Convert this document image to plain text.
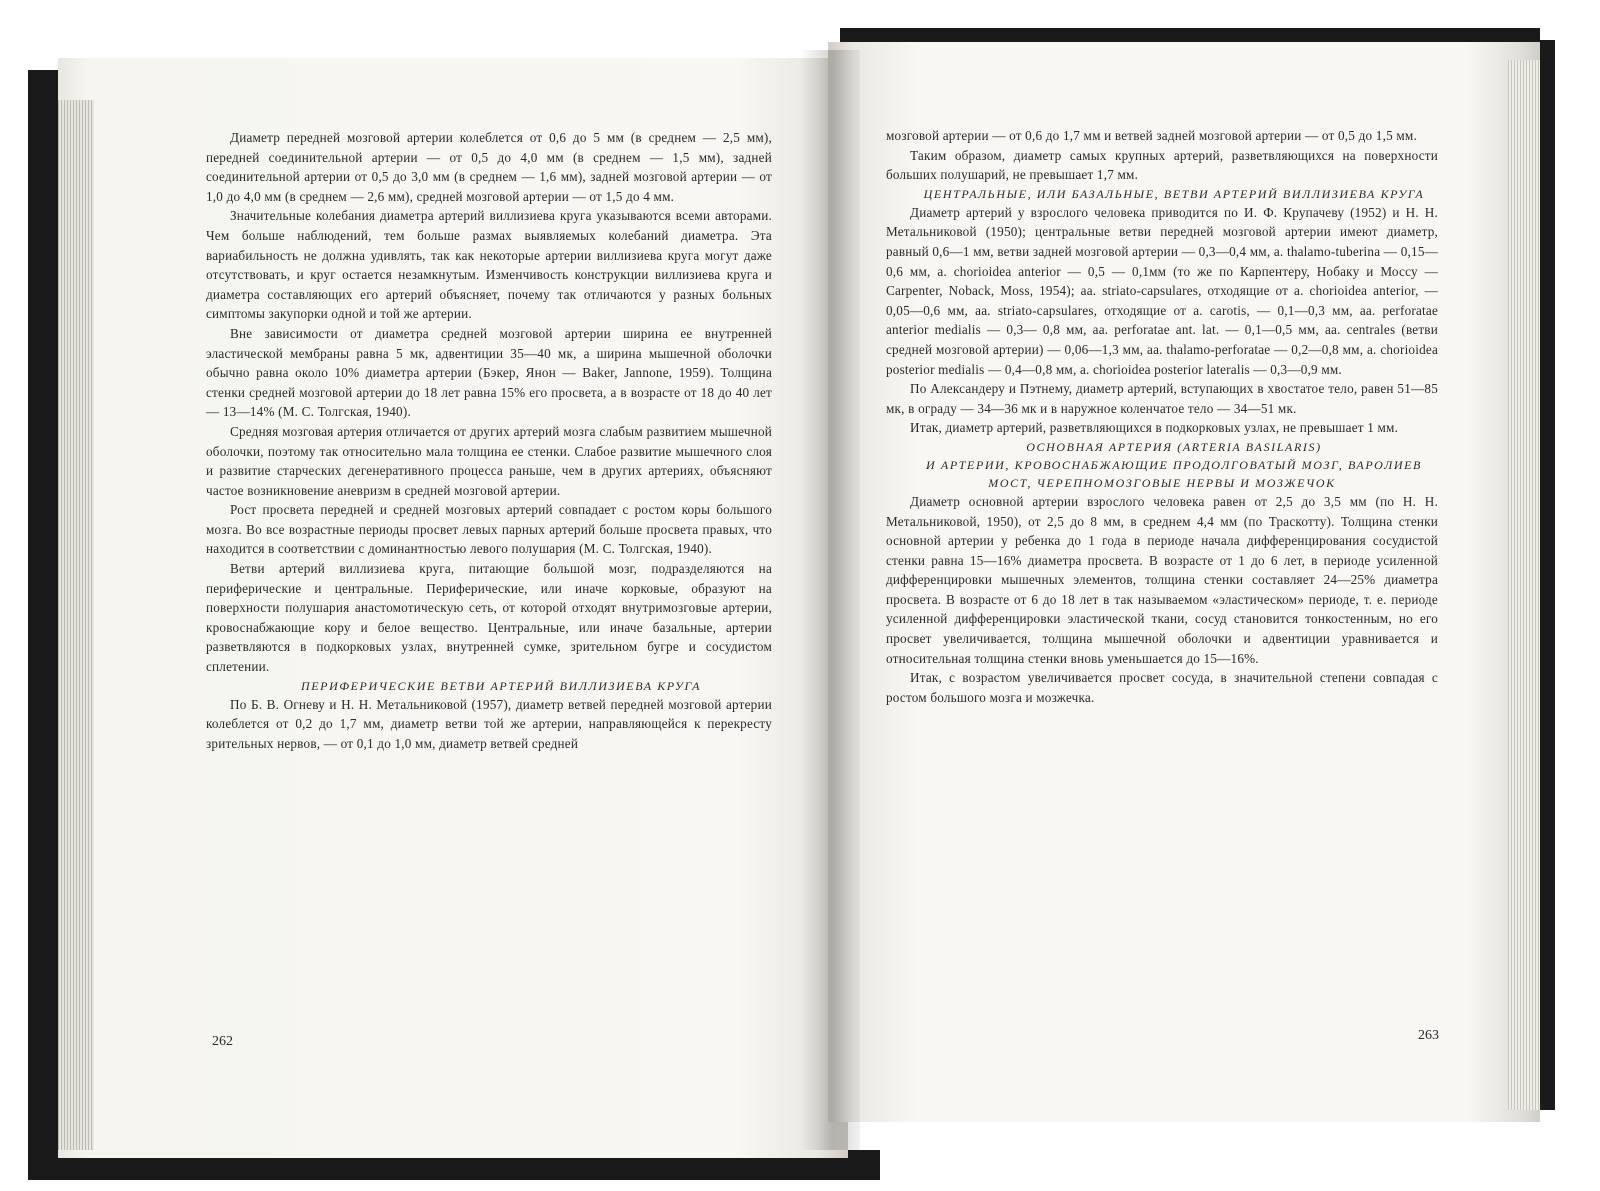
Диаметр передней мозговой артерии колеблется от 0,6 до 5 мм (в среднем — 2,5 мм), передней соединительной артерии — от 0,5 до 4,0 мм (в среднем — 1,5 мм), задней соединительной артерии от 0,5 до 3,0 мм (в среднем — 1,6 мм), задней мозговой артерии — от 1,0 до 4,0 мм (в среднем — 2,6 мм), средней мозговой артерии — от 1,5 до 4 мм.

Значительные колебания диаметра артерий виллизиева круга указываются всеми авторами. Чем больше наблюдений, тем больше размах выявляемых колебаний диаметра. Эта вариабильность не должна удивлять, так как некоторые артерии виллизиева круга могут даже отсутствовать, и круг остается незамкнутым. Изменчивость конструкции виллизиева круга и диаметра составляющих его артерий объясняет, почему так отличаются у разных больных симптомы закупорки одной и той же артерии.

Вне зависимости от диаметра средней мозговой артерии ширина ее внутренней эластической мембраны равна 5 мк, адвентиции 35—40 мк, а ширина мышечной оболочки обычно равна около 10% диаметра артерии (Бэкер, Янон — Baker, Jannone, 1959). Толщина стенки средней мозговой артерии до 18 лет равна 15% его просвета, а в возрасте от 18 до 40 лет — 13—14% (М. С. Толгская, 1940).

Средняя мозговая артерия отличается от других артерий мозга слабым развитием мышечной оболочки, поэтому так относительно мала толщина ее стенки. Слабое развитие мышечного слоя и развитие старческих дегенеративного процесса раньше, чем в других артериях, объясняют частое возникновение аневризм в средней мозговой артерии.

Рост просвета передней и средней мозговых артерий совпадает с ростом коры большого мозга. Во все возрастные периоды просвет левых парных артерий больше просвета правых, что находится в соответствии с доминантностью левого полушария (М. С. Толгская, 1940).

Ветви артерий виллизиева круга, питающие большой мозг, подразделяются на периферические и центральные. Периферические, или иначе корковые, образуют на поверхности полушария анастомотическую сеть, от которой отходят внутримозговые артерии, кровоснабжающие кору и белое вещество. Центральные, или иначе базальные, артерии разветвляются в подкорковых узлах, внутренней сумке, зрительном бугре и сосудистом сплетении.

ПЕРИФЕРИЧЕСКИЕ ВЕТВИ АРТЕРИЙ ВИЛЛИЗИЕВА КРУГА

По Б. В. Огневу и Н. Н. Метальниковой (1957), диаметр ветвей передней мозговой артерии колеблется от 0,2 до 1,7 мм, диаметр ветви той же артерии, направляющейся к перекресту зрительных нервов, — от 0,1 до 1,0 мм, диаметр ветвей средней

262

мозговой артерии — от 0,6 до 1,7 мм и ветвей задней мозговой артерии — от 0,5 до 1,5 мм.

Таким образом, диаметр самых крупных артерий, разветвляющихся на поверхности больших полушарий, не превышает 1,7 мм.

ЦЕНТРАЛЬНЫЕ, ИЛИ БАЗАЛЬНЫЕ, ВЕТВИ АРТЕРИЙ ВИЛЛИЗИЕВА КРУГА

Диаметр артерий у взрослого человека приводится по И. Ф. Крупачеву (1952) и Н. Н. Метальниковой (1950); центральные ветви передней мозговой артерии имеют диаметр, равный 0,6—1 мм, ветви задней мозговой артерии — 0,3—0,4 мм, a. thalamo-tuberina — 0,15—0,6 мм, a. chorioidea anterior — 0,5 — 0,1мм (то же по Карпентеру, Нобаку и Моссу — Carpenter, Noback, Moss, 1954); aa. striato-capsulares, отходящие от a. chorioidea anterior, — 0,05—0,6 мм, aa. striato-capsulares, отходящие от a. carotis, — 0,1—0,3 мм, aa. perforatae anterior medialis — 0,3— 0,8 мм, aa. perforatae ant. lat. — 0,1—0,5 мм, aa. centrales (ветви средней мозговой артерии) — 0,06—1,3 мм, aa. thalamo-perforatae — 0,2—0,8 мм, a. chorioidea posterior medialis — 0,4—0,8 мм, a. chorioidea posterior lateralis — 0,3—0,9 мм.

По Александеру и Пэтнему, диаметр артерий, вступающих в хвостатое тело, равен 51—85 мк, в ограду — 34—36 мк и в наружное коленчатое тело — 34—51 мк.

Итак, диаметр артерий, разветвляющихся в подкорковых узлах, не превышает 1 мм.

ОСНОВНАЯ АРТЕРИЯ (ARTERIA BASILARIS)

И АРТЕРИИ, КРОВОСНАБЖАЮЩИЕ ПРОДОЛГОВАТЫЙ МОЗГ, ВАРОЛИЕВ МОСТ, ЧЕРЕПНОМОЗГОВЫЕ НЕРВЫ И МОЗЖЕЧОК

Диаметр основной артерии взрослого человека равен от 2,5 до 3,5 мм (по Н. Н. Метальниковой, 1950), от 2,5 до 8 мм, в среднем 4,4 мм (по Траскотту). Толщина стенки основной артерии у ребенка до 1 года в периоде начала дифференцирования сосудистой стенки равна 15—16% диаметра просвета. В возрасте от 1 до 6 лет, в периоде усиленной дифференцировки мышечных элементов, толщина стенки составляет 24—25% диаметра просвета. В возрасте от 6 до 18 лет в так называемом «эластическом» периоде, т. е. периоде усиленной дифференцировки эластической ткани, сосуд становится тонкостенным, но его просвет увеличивается, толщина мышечной оболочки и адвентиции уравнивается и относительная толщина стенки вновь уменьшается до 15—16%.

Итак, с возрастом увеличивается просвет сосуда, в значительной степени совпадая с ростом большого мозга и мозжечка.

263
